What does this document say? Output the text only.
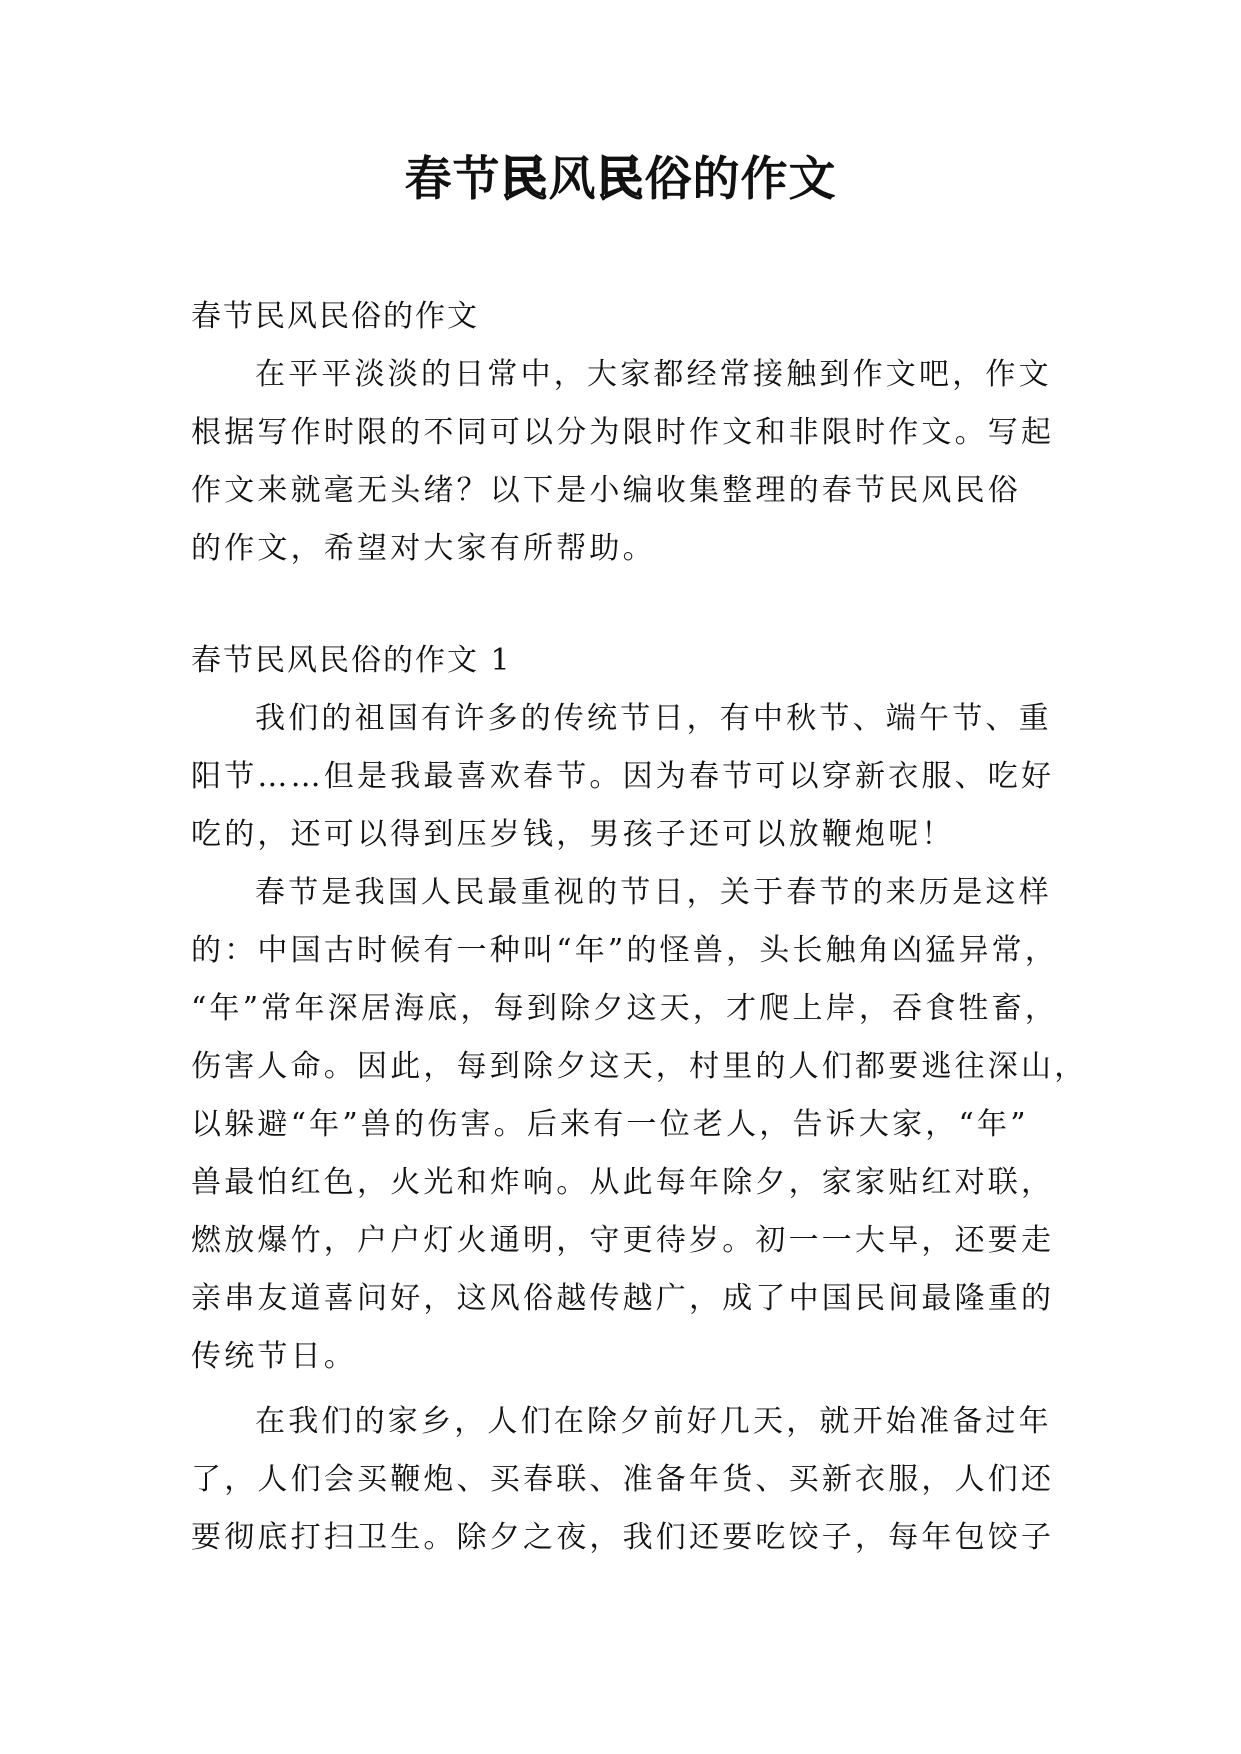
春节民风民俗的作文
春节民风民俗的作文
在平平淡淡的日常中，大家都经常接触到作文吧，作文
根据写作时限的不同可以分为限时作文和非限时作文。写起
作文来就毫无头绪？以下是小编收集整理的春节民风民俗
的作文，希望对大家有所帮助。
春节民风民俗的作文 1
我们的祖国有许多的传统节日，有中秋节、端午节、重
阳节……但是我最喜欢春节。因为春节可以穿新衣服、吃好
吃的，还可以得到压岁钱，男孩子还可以放鞭炮呢！
春节是我国人民最重视的节日，关于春节的来历是这样
的：中国古时候有一种叫“年”的怪兽，头长触角凶猛异常，
“年”常年深居海底，每到除夕这天，才爬上岸，吞食牲畜，
伤害人命。因此，每到除夕这天，村里的人们都要逃往深山，
以躲避“年”兽的伤害。后来有一位老人，告诉大家，“年”
兽最怕红色，火光和炸响。从此每年除夕，家家贴红对联，
燃放爆竹，户户灯火通明，守更待岁。初一一大早，还要走
亲串友道喜问好，这风俗越传越广，成了中国民间最隆重的
传统节日。
在我们的家乡，人们在除夕前好几天，就开始准备过年
了，人们会买鞭炮、买春联、准备年货、买新衣服，人们还
要彻底打扫卫生。除夕之夜，我们还要吃饺子，每年包饺子
